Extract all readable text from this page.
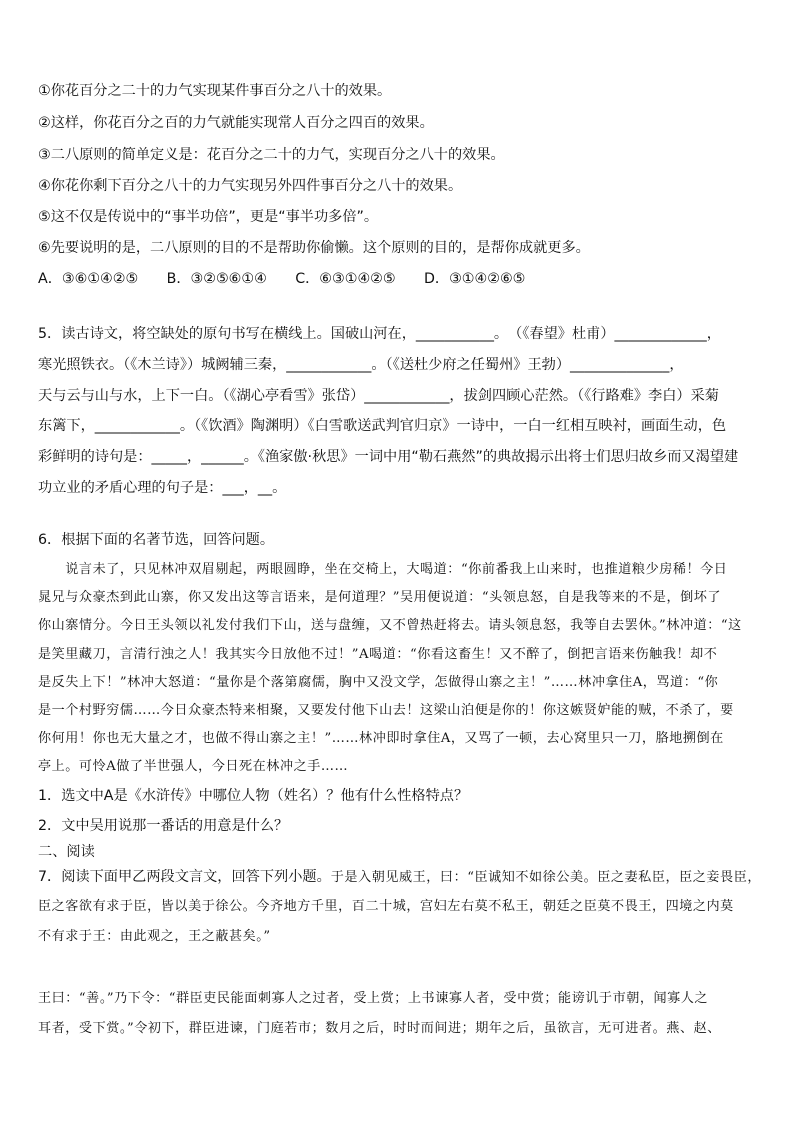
①你花百分之二十的力气实现某件事百分之八十的效果。
②这样，你花百分之百的力气就能实现常人百分之四百的效果。
③二八原则的简单定义是：花百分之二十的力气，实现百分之八十的效果。
④你花你剩下百分之八十的力气实现另外四件事百分之八十的效果。
⑤这不仅是传说中的“事半功倍”，更是“事半功多倍”。
⑥先要说明的是，二八原则的目的不是帮助你偷懒。这个原则的目的，是帮你成就更多。
A．③⑥①④②⑤　　B．③②⑤⑥①④　　C．⑥③①④②⑤　　D．③①④②⑥⑤
5．读古诗文，将空缺处的原句书写在横线上。国破山河在，___________。　（《春望》杜甫）_____________，
寒光照铁衣。（《木兰诗》）城阙辅三秦，____________。（《送杜少府之任蜀州》王勃）______________，
天与云与山与水，上下一白。（《湖心亭看雪》张岱）____________，拔剑四顾心茫然。（《行路难》李白）采菊
东篱下，____________。（《饮酒》陶渊明）《白雪歌送武判官归京》一诗中，一白一红相互映衬，画面生动，色
彩鲜明的诗句是：_____，______。《渔家傲·秋思》一词中用“勒石燕然”的典故揭示出将士们思归故乡而又渴望建
功立业的矛盾心理的句子是：___，__。
6．根据下面的名著节选，回答问题。
　　说言未了，只见林冲双眉剔起，两眼圆睁，坐在交椅上，大喝道：“你前番我上山来时，也推道粮少房稀！今日
晁兄与众豪杰到此山寨，你又发出这等言语来，是何道理？”吴用便说道：“头领息怒，自是我等来的不是，倒坏了
你山寨情分。今日王头领以礼发付我们下山，送与盘缠，又不曾热赶将去。请头领息怒，我等自去罢休。”林冲道：“这
是笑里藏刀，言清行浊之人！我其实今日放他不过！”A喝道：“你看这畜生！又不醉了，倒把言语来伤触我！却不
是反失上下！”林冲大怒道：“量你是个落第腐儒，胸中又没文学，怎做得山寨之主！”……林冲拿住A，骂道：“你
是一个村野穷儒……今日众豪杰特来相聚，又要发付他下山去！这梁山泊便是你的！你这嫉贤妒能的贼，不杀了，要
你何用！你也无大量之才，也做不得山寨之主！”……林冲即时拿住A，又骂了一顿，去心窝里只一刀，胳地搠倒在
亭上。可怜A做了半世强人，今日死在林冲之手……
1．选文中A是《水浒传》中哪位人物（姓名）？他有什么性格特点？
2．文中吴用说那一番话的用意是什么？
二、阅读
7．阅读下面甲乙两段文言文，回答下列小题。于是入朝见威王，曰：“臣诚知不如徐公美。臣之妻私臣，臣之妾畏臣，
臣之客欲有求于臣，皆以美于徐公。今齐地方千里，百二十城，宫妇左右莫不私王，朝廷之臣莫不畏王，四境之内莫
不有求于王：由此观之，王之蔽甚矣。”
王曰：“善。”乃下令：“群臣吏民能面刺寡人之过者，受上赏；上书谏寡人者，受中赏；能谤讥于市朝，闻寡人之
耳者，受下赏。”令初下，群臣进谏，门庭若市；数月之后，时时而间进；期年之后，虽欲言，无可进者。燕、赵、
